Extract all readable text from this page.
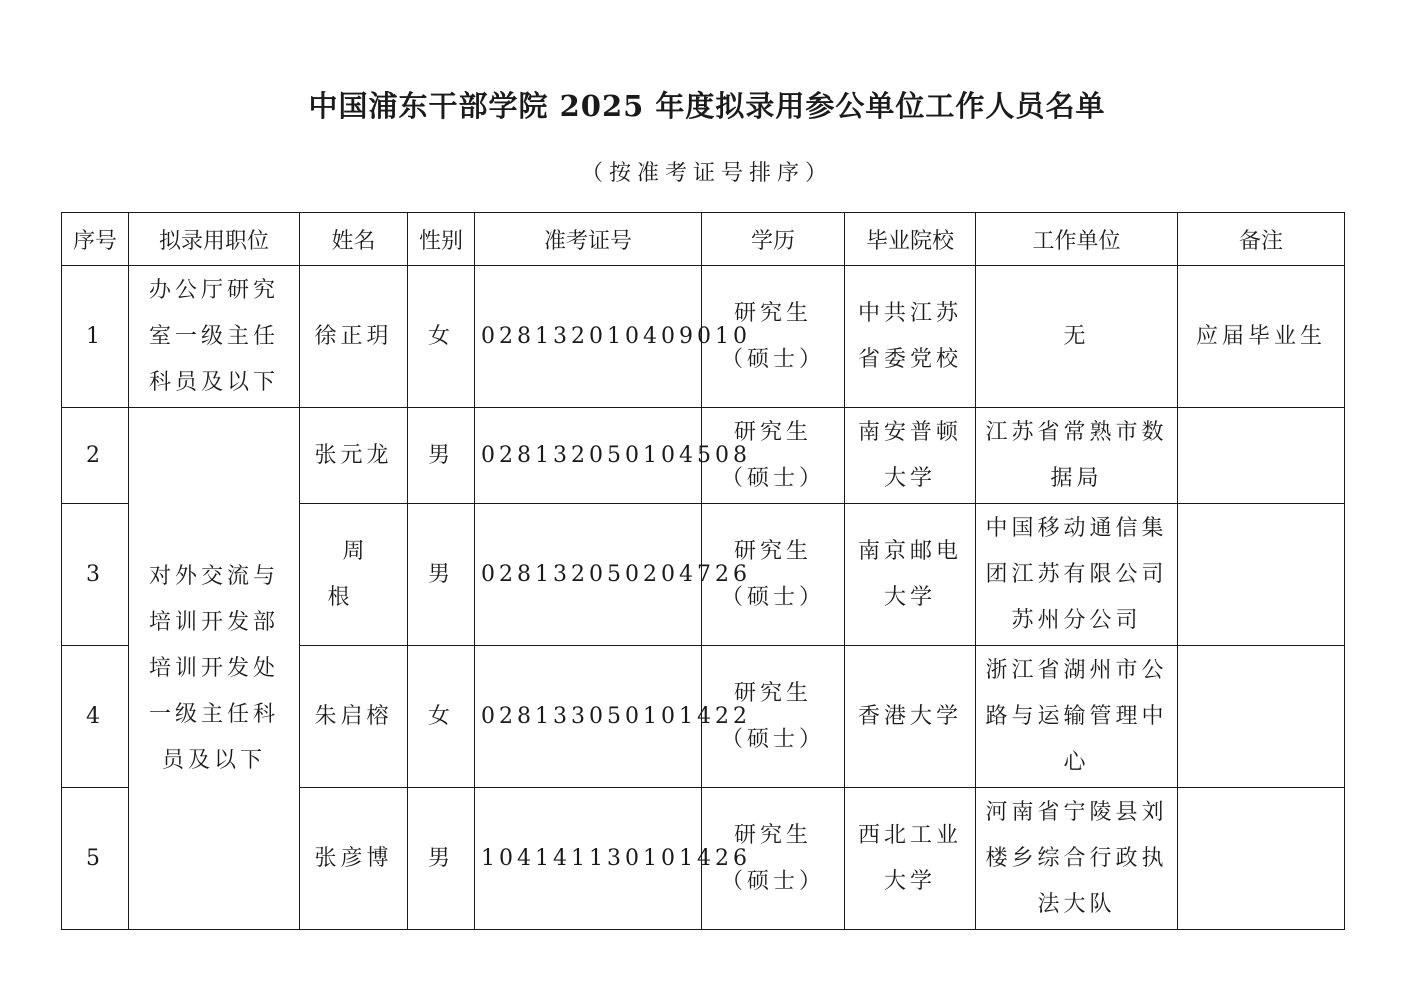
中国浦东干部学院 2025 年度拟录用参公单位工作人员名单
（按准考证号排序）
序号	拟录用职位	姓名	性别	准考证号	学历	毕业院校	工作单位	备注
1	办公厅研究
室一级主任
科员及以下	徐正玥	女	028132010409010	研究生
（硕士）	中共江苏
省委党校	无	应届毕业生
2	对外交流与
培训开发部
培训开发处
一级主任科
员及以下	张元龙	男	028132050104508	研究生
（硕士）	南安普顿
大学	江苏省常熟市数
据局	

3		周根	男	028132050204726	研究生
（硕士）	南京邮电
大学	中国移动通信集
团江苏有限公司
苏州分公司	

4		朱启榕	女	028133050101422	研究生
（硕士）	香港大学	浙江省湖州市公
路与运输管理中
心	

5		张彦博	男	104141130101426	研究生
（硕士）	西北工业
大学	河南省宁陵县刘
楼乡综合行政执
法大队	
